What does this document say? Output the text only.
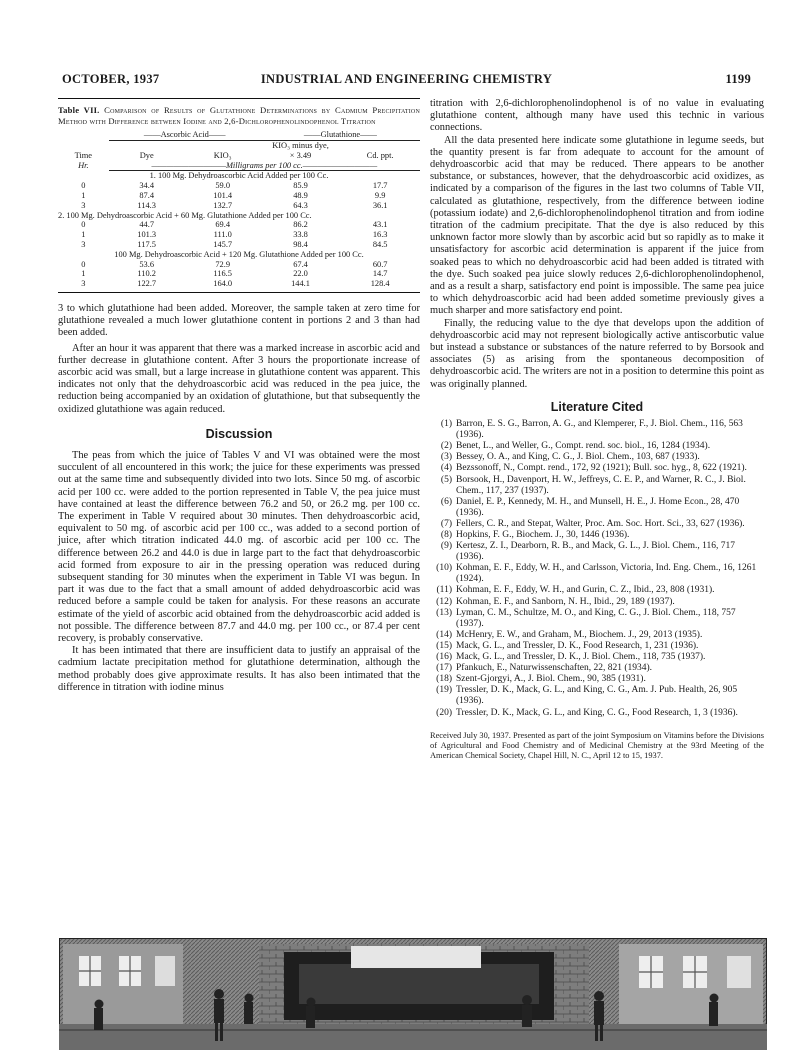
OCTOBER, 1937	INDUSTRIAL AND ENGINEERING CHEMISTRY	1199
Table VII. Comparison of Results of Glutathione Determinations by Cadmium Precipitation Method with Difference between Iodine and 2,6-Dichlorophenolindophenol Titration
	——Ascorbic Acid——		——Glutathione——	
			KIO₃ minus dye,	
Time	Dye	KIO₃	× 3.49	Cd. ppt.
Hr.	——————————Milligrams per 100 cc.——————————			
1. 100 Mg. Dehydroascorbic Acid Added per 100 Cc.				
0	34.4	59.0	85.9	17.7
1	87.4	101.4	48.9	9.9
3	114.3	132.7	64.3	36.1
2. 100 Mg. Dehydroascorbic Acid + 60 Mg. Glutathione Added per 100 Cc.				
0	44.7	69.4	86.2	43.1
1	101.3	111.0	33.8	16.3
3	117.5	145.7	98.4	84.5
100 Mg. Dehydroascorbic Acid + 120 Mg. Glutathione Added per 100 Cc.				
0	53.6	72.9	67.4	60.7
1	110.2	116.5	22.0	14.7
3	122.7	164.0	144.1	128.4

3 to which glutathione had been added. Moreover, the sample taken at zero time for glutathione revealed a much lower glutathione content in portions 2 and 3 than had been added.

After an hour it was apparent that there was a marked increase in ascorbic acid and further decrease in glutathione content. After 3 hours the proportionate increase of ascorbic acid was small, but a large increase in glutathione content was apparent. This indicates not only that the dehydroascorbic acid was reduced in the pea juice, the reduction being accompanied by an oxidation of glutathione, but that subsequently the oxidized glutathione was again reduced.

Discussion

The peas from which the juice of Tables V and VI was obtained were the most succulent of all encountered in this work; the juice for these experiments was pressed out at the same time and subsequently divided into two lots. Since 50 mg. of ascorbic acid per 100 cc. were added to the portion represented in Table V, the pea juice must have contained at least the difference between 76.2 and 50, or 26.2 mg. per 100 cc. The experiment in Table V required about 30 minutes. Then dehydroascorbic acid, equivalent to 50 mg. of ascorbic acid per 100 cc., was added to a second portion of juice, after which titration indicated 44.0 mg. of ascorbic acid per 100 cc. The difference between 26.2 and 44.0 is due in large part to the fact that dehydroascorbic acid formed from exposure to air in the pressing operation was reduced during subsequent standing for 30 minutes when the experiment in Table VI was begun. In part it was due to the fact that a small amount of added dehydroascorbic acid was reduced before a sample could be taken for analysis. For these reasons an accurate estimate of the yield of ascorbic acid obtained from the dehydroascorbic acid added is not possible. The difference between 87.7 and 44.0 mg. per 100 cc., or 87.4 per cent recovery, is probably conservative.

It has been intimated that there are insufficient data to justify an appraisal of the cadmium lactate precipitation method for glutathione determination, although the method probably does give approximate results. It has also been intimated that the difference in titration with iodine minus

titration with 2,6-dichlorophenolindophenol is of no value in evaluating glutathione content, although many have used this technic in various connections.

All the data presented here indicate some glutathione in legume seeds, but the quantity present is far from adequate to account for the amount of dehydroascorbic acid that may be reduced. There appears to be another substance, or substances, however, that the dehydroascorbic acid oxidizes, as indicated by a comparison of the figures in the last two columns of Table VII, calculated as glutathione, respectively, from the difference between iodine (potassium iodate) and 2,6-dichlorophenolindophenol titration and from iodine titration of the cadmium precipitate. That the dye is also reduced by this unknown factor more slowly than by ascorbic acid but so rapidly as to make it unsatisfactory for ascorbic acid determination is apparent if the juice from soaked peas to which no dehydroascorbic acid had been added is titrated with the dye. Such soaked pea juice slowly reduces 2,6-dichlorophenolindophenol, and as a result a sharp, satisfactory end point is impossible. The same pea juice to which dehydroascorbic acid had been added sometime previously gives a much sharper and more satisfactory end point.

Finally, the reducing value to the dye that develops upon the addition of dehydroascorbic acid may not represent biologically active antiscorbutic value but instead a substance or substances of the nature referred to by Borsook and associates (5) as arising from the spontaneous decomposition of dehydroascorbic acid. The writers are not in a position to determine this point as was originally planned.

Literature Cited
(1) Barron, E. S. G., Barron, A. G., and Klemperer, F., J. Biol. Chem., 116, 563 (1936).
(2) Benet, L., and Weller, G., Compt. rend. soc. biol., 16, 1284 (1934).
(3) Bessey, O. A., and King, C. G., J. Biol. Chem., 103, 687 (1933).
(4) Bezssonoff, N., Compt. rend., 172, 92 (1921); Bull. soc. hyg., 8, 622 (1921).
(5) Borsook, H., Davenport, H. W., Jeffreys, C. E. P., and Warner, R. C., J. Biol. Chem., 117, 237 (1937).
(6) Daniel, E. P., Kennedy, M. H., and Munsell, H. E., J. Home Econ., 28, 470 (1936).
(7) Fellers, C. R., and Stepat, Walter, Proc. Am. Soc. Hort. Sci., 33, 627 (1936).
(8) Hopkins, F. G., Biochem. J., 30, 1446 (1936).
(9) Kertesz, Z. I., Dearborn, R. B., and Mack, G. L., J. Biol. Chem., 116, 717 (1936).
(10) Kohman, E. F., Eddy, W. H., and Carlsson, Victoria, Ind. Eng. Chem., 16, 1261 (1924).
(11) Kohman, E. F., Eddy, W. H., and Gurin, C. Z., Ibid., 23, 808 (1931).
(12) Kohman, E. F., and Sanborn, N. H., Ibid., 29, 189 (1937).
(13) Lyman, C. M., Schultze, M. O., and King, C. G., J. Biol. Chem., 118, 757 (1937).
(14) McHenry, E. W., and Graham, M., Biochem. J., 29, 2013 (1935).
(15) Mack, G. L., and Tressler, D. K., Food Research, 1, 231 (1936).
(16) Mack, G. L., and Tressler, D. K., J. Biol. Chem., 118, 735 (1937).
(17) Pfankuch, E., Naturwissenschaften, 22, 821 (1934).
(18) Szent-Gjorgyi, A., J. Biol. Chem., 90, 385 (1931).
(19) Tressler, D. K., Mack, G. L., and King, C. G., Am. J. Pub. Health, 26, 905 (1936).
(20) Tressler, D. K., Mack, G. L., and King, C. G., Food Research, 1, 3 (1936).
Received July 30, 1937. Presented as part of the joint Symposium on Vitamins before the Divisions of Agricultural and Food Chemistry and of Medicinal Chemistry at the 93rd Meeting of the American Chemical Society, Chapel Hill, N. C., April 12 to 15, 1937.
